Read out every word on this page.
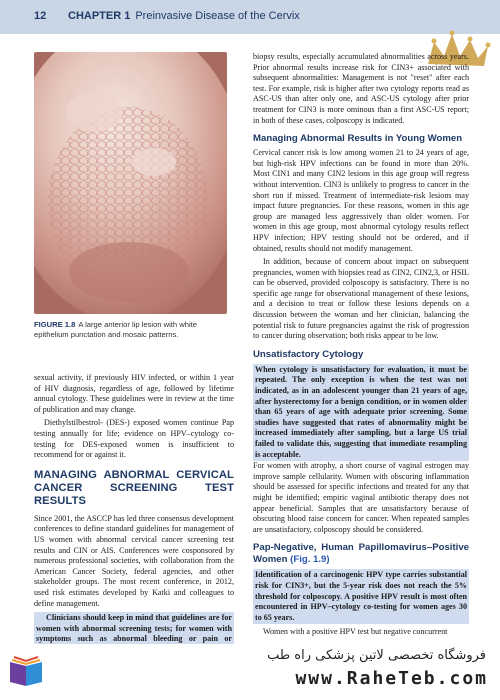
12 CHAPTER 1 Preinvasive Disease of the Cervix
FIGURE 1.8 A large anterior lip lesion with white epithelium punctation and mosaic patterns.

sexual activity, if previously HIV infected, or within 1 year of HIV diagnosis, regardless of age, followed by lifetime annual cytology. These guidelines were in review at the time of publication and may change.

Diethylstilbestrol- (DES-) exposed women continue Pap testing annually for life; evidence on HPV–cytology co-testing for DES-exposed women is insufficient to recommend for or against it.

MANAGING ABNORMAL CERVICAL CANCER SCREENING TEST RESULTS

Since 2001, the ASCCP has led three consensus development conferences to define standard guidelines for management of US women with abnormal cervical cancer screening test results and CIN or AIS. Conferences were cosponsored by numerous professional societies, with collaboration from the American Cancer Society, federal agencies, and other stakeholder groups. The most recent conference, in 2012, used risk estimates developed by Katki and colleagues to define management.

Clinicians should keep in mind that guidelines are for women with abnormal screening tests; for women with symptoms such as abnormal bleeding or pain or

biopsy results, especially accumulated abnormalities across years. Prior abnormal results increase risk for CIN3+ associated with subsequent abnormalities: Management is not "reset" after each test. For example, risk is higher after two cytology reports read as ASC-US than after only one, and ASC-US cytology after prior treatment for CIN3 is more ominous than a first ASC-US report; in both of these cases, colposcopy is indicated.

Managing Abnormal Results in Young Women

Cervical cancer risk is low among women 21 to 24 years of age, but high-risk HPV infections can be found in more than 20%. Most CIN1 and many CIN2 lesions in this age group will regress without intervention. CIN3 is unlikely to progress to cancer in the short run if missed. Treatment of intermediate-risk lesions may impact future pregnancies. For these reasons, women in this age group are managed less aggressively than older women. For women in this age group, most abnormal cytology results reflect HPV infection; HPV testing should not be ordered, and if obtained, results should not modify management.

In addition, because of concern about impact on subsequent pregnancies, women with biopsies read as CIN2, CIN2,3, or HSIL can be observed, provided colposcopy is satisfactory. There is no specific age range for observational management of these lesions, and a decision to treat or follow these lesions depends on a discussion between the woman and her clinician, balancing the potential risk to future pregnancies against the risk of progression to cancer during observation; both risks appear to be low.

Unsatisfactory Cytology

When cytology is unsatisfactory for evaluation, it must be repeated. The only exception is when the test was not indicated, as in an adolescent younger than 21 years of age, after hysterectomy for a benign condition, or in women older than 65 years of age with adequate prior screening. Some studies have suggested that rates of abnormality might be increased immediately after sampling, but a large US trial failed to validate this, suggesting that immediate resampling is acceptable.
For women with atrophy, a short course of vaginal estrogen may improve sample cellularity. Women with obscuring inflammation should be assessed for specific infections and treated for any that might be identified; empiric vaginal antibiotic therapy does not appear beneficial. Samples that are unsatisfactory because of obscuring blood raise concern for cancer. When repeated samples are unsatisfactory, colposcopy should be considered.

Pap-Negative, Human Papillomavirus–Positive Women (Fig. 1.9)

Identification of a carcinogenic HPV type carries substantial risk for CIN3+, but the 5-year risk does not reach the 5% threshold for colposcopy. A positive HPV result is most often encountered in HPV–cytology co-testing for women ages 30 to 65 years.

Women with a positive HPV test but negative concurrent

فروشگاه تخصصی لاتین پزشکی راه طب
www.RaheTeb.com
